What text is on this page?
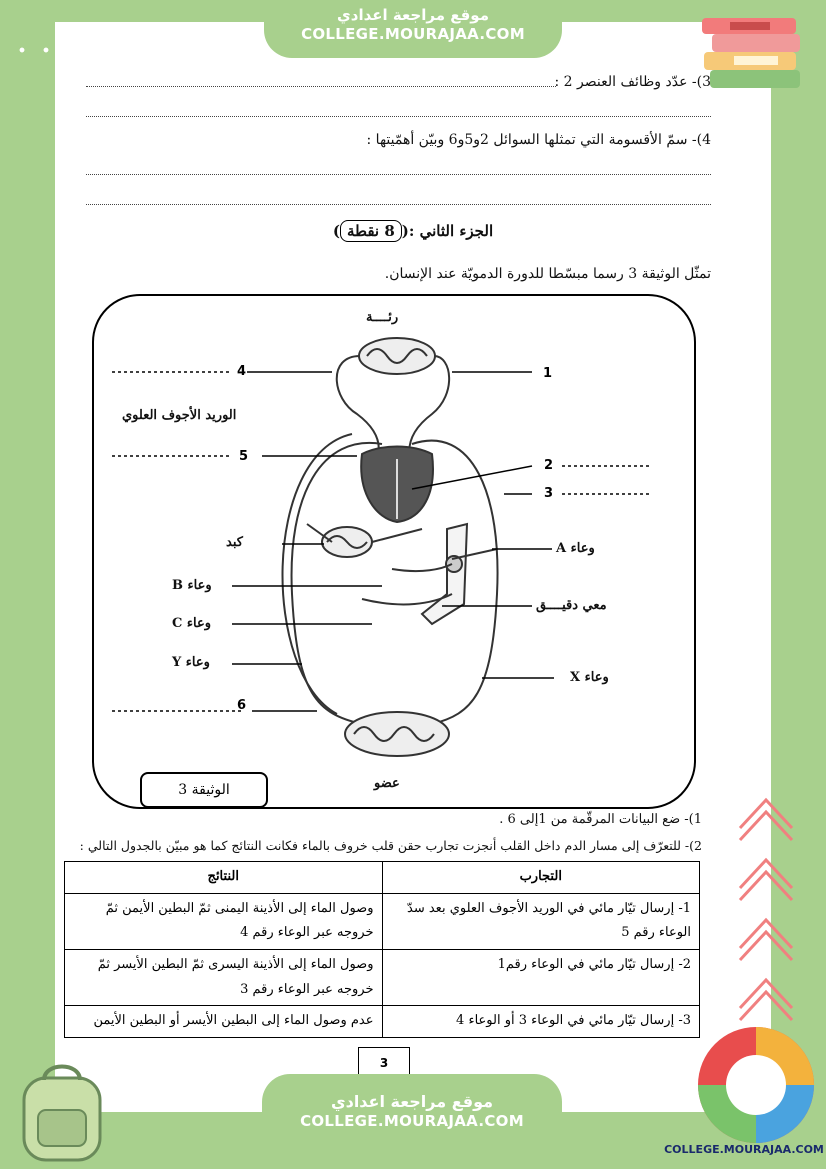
موقع مراجعة اعدادي
COLLEGE.MOURAJAA.COM
3)- عدّد وظائف العنصر 2 :
4)- سمّ الأقسومة التي تمثلها السوائل 2و5و6 وبيّن أهمّيتها :
الجزء الثاني :(8 نقطة)
تمثّل الوثيقة 3 رسما مبسّطا للدورة الدمويّة عند الإنسان.
رئــــة
الوريد الأجوف العلوي
كبد	وعاء A
وعاء B
وعاء C
وعاء Y
وعاء X
معي دقيــــق
عضو
4	1
5
2
3
6
الوثيقة 3
1)- ضع البيانات المرقّمة من 1إلى 6 .
2)- للتعرّف إلى مسار الدم داخل القلب أنجزت تجارب حقن قلب خروف بالماء فكانت النتائج كما هو مبيّن بالجدول التالي :
التجارب	النتائج
1- إرسال تيّار مائي في الوريد الأجوف العلوي بعد سدّ الوعاء رقم 5	وصول الماء إلى الأذينة اليمنى ثمّ البطين الأيمن ثمّ خروجه عبر الوعاء رقم 4
2- إرسال تيّار مائي في الوعاء رقم1	وصول الماء إلى الأذينة اليسرى ثمّ البطين الأيسر ثمّ خروجه عبر الوعاء رقم 3
3- إرسال تيّار مائي في الوعاء 3 أو الوعاء 4	عدم وصول الماء إلى البطين الأيسر أو البطين الأيمن
3
موقع مراجعة اعدادي
COLLEGE.MOURAJAA.COM
COLLEGE.MOURAJAA.COM
